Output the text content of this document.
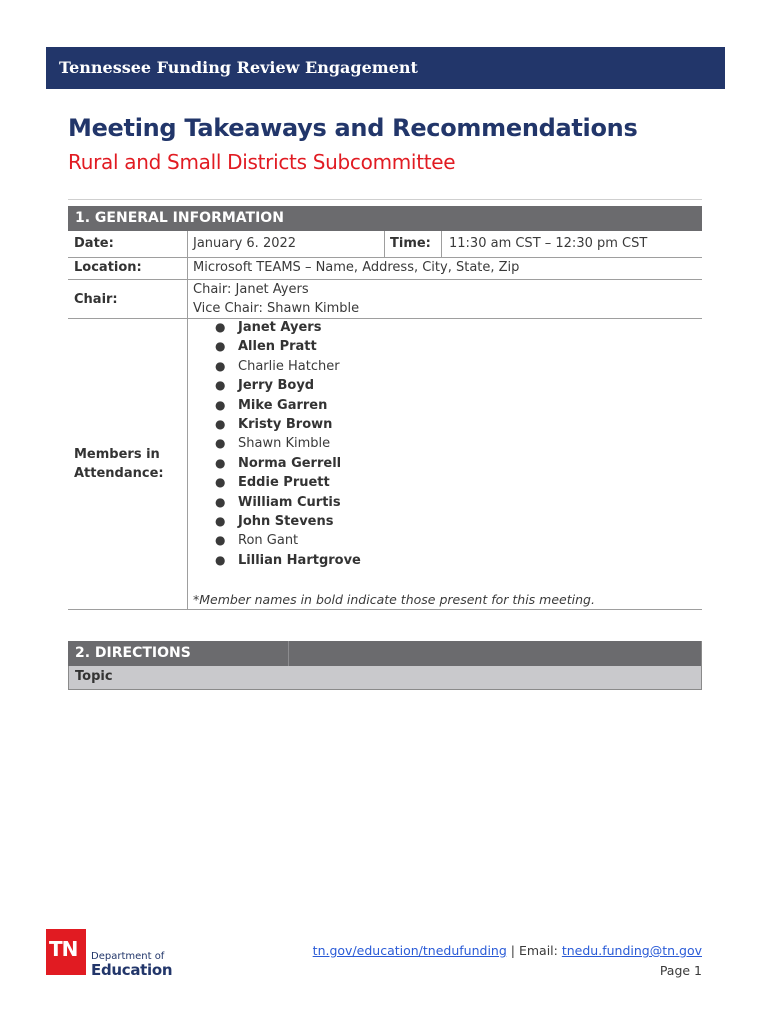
Tennessee Funding Review Engagement
Meeting Takeaways and Recommendations
Rural and Small Districts Subcommittee
1. GENERAL INFORMATION
Date:	January 6. 2022	Time: 11:30 am CST – 12:30 pm CST
Location:	Microsoft TEAMS – Name, Address, City, State, Zip
Chair:
Chair: Janet Ayers
Vice Chair: Shawn Kimble
Members in
Attendance:
● Janet Ayers
● Allen Pratt
● Charlie Hatcher
● Jerry Boyd
● Mike Garren
● Kristy Brown
● Shawn Kimble
● Norma Gerrell
● Eddie Pruett
● William Curtis
● John Stevens
● Ron Gant
● Lillian Hartgrove
*Member names in bold indicate those present for this meeting.
2. DIRECTIONS
Topic
TN Department of
Education
tn.gov/education/tnedufunding | Email: tnedu.funding@tn.gov
Page 1
